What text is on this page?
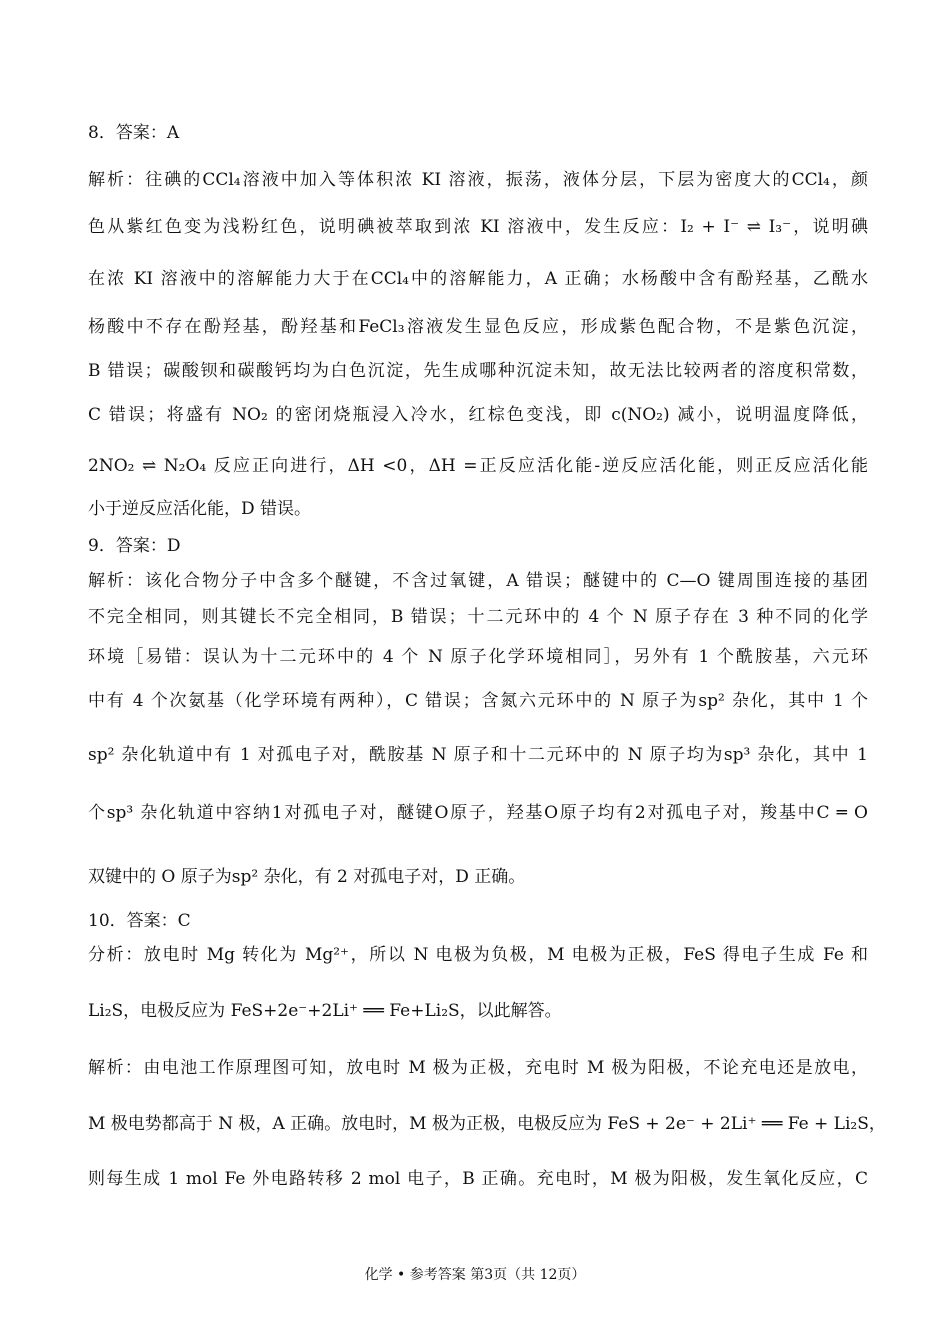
8．答案：A
解析：往碘的CCl₄溶液中加入等体积浓 KI 溶液，振荡，液体分层，下层为密度大的CCl₄，颜
色从紫红色变为浅粉红色，说明碘被萃取到浓 KI 溶液中，发生反应：I₂ + I⁻ ⇌ I₃⁻，说明碘
在浓 KI 溶液中的溶解能力大于在CCl₄中的溶解能力，A 正确；水杨酸中含有酚羟基，乙酰水
杨酸中不存在酚羟基，酚羟基和FeCl₃溶液发生显色反应，形成紫色配合物，不是紫色沉淀，
B 错误；碳酸钡和碳酸钙均为白色沉淀，先生成哪种沉淀未知，故无法比较两者的溶度积常数，
C 错误；将盛有 NO₂ 的密闭烧瓶浸入冷水，红棕色变浅，即 c(NO₂) 减小，说明温度降低，
2NO₂ ⇌ N₂O₄ 反应正向进行，ΔH <0，ΔH =正反应活化能-逆反应活化能，则正反应活化能
小于逆反应活化能，D 错误。
9．答案：D
解析：该化合物分子中含多个醚键，不含过氧键，A 错误；醚键中的 C—O 键周围连接的基团
不完全相同，则其键长不完全相同，B 错误；十二元环中的 4 个 N 原子存在 3 种不同的化学
环境［易错：误认为十二元环中的 4 个 N 原子化学环境相同］，另外有 1 个酰胺基，六元环
中有 4 个次氨基（化学环境有两种），C 错误；含氮六元环中的 N 原子为sp² 杂化，其中 1 个
sp² 杂化轨道中有 1 对孤电子对，酰胺基 N 原子和十二元环中的 N 原子均为sp³ 杂化，其中 1
个sp³ 杂化轨道中容纳1对孤电子对，醚键O原子，羟基O原子均有2对孤电子对，羧基中C ═ O
双键中的 O 原子为sp² 杂化，有 2 对孤电子对，D 正确。
10．答案：C
分析：放电时 Mg 转化为 Mg²⁺，所以 N 电极为负极，M 电极为正极，FeS 得电子生成 Fe 和
Li₂S，电极反应为 FeS+2e⁻+2Li⁺ ══ Fe+Li₂S，以此解答。
解析：由电池工作原理图可知，放电时 M 极为正极，充电时 M 极为阳极，不论充电还是放电，
M 极电势都高于 N 极，A 正确。放电时，M 极为正极，电极反应为 FeS + 2e⁻ + 2Li⁺ ══ Fe + Li₂S，
则每生成 1 mol Fe 外电路转移 2 mol 电子，B 正确。充电时，M 极为阳极，发生氧化反应，C
化学 • 参考答案 第3页（共 12页）
